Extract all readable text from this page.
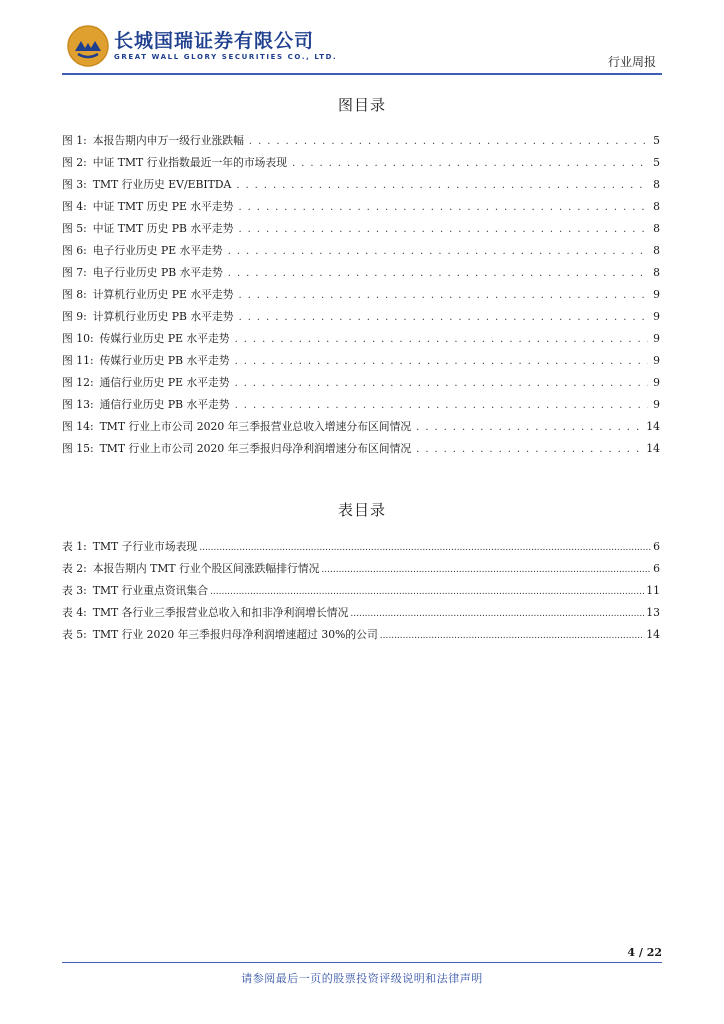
长城国瑞证券有限公司
GREAT WALL GLORY SECURITIES CO., LTD.	行业周报
图目录
图 1: 本报告期内申万一级行业涨跌幅 . . .	5
图 2: 中证 TMT 行业指数最近一年的市场表现 . . .	5
图 3: TMT 行业历史 EV/EBITDA . . .	8
图 4: 中证 TMT 历史 PE 水平走势 . . .	8
图 5: 中证 TMT 历史 PB 水平走势 . . .	8
图 6: 电子行业历史 PE 水平走势 . . .	8
图 7: 电子行业历史 PB 水平走势 . . .	8
图 8: 计算机行业历史 PE 水平走势 . . .	9
图 9: 计算机行业历史 PB 水平走势 . . .	9
图 10: 传媒行业历史 PE 水平走势 . . .	9
图 11: 传媒行业历史 PB 水平走势 . . .	9
图 12: 通信行业历史 PE 水平走势 . . .	9
图 13: 通信行业历史 PB 水平走势 . . .	9
图 14: TMT 行业上市公司 2020 年三季报营业总收入增速分布区间情况 . . .	14
图 15: TMT 行业上市公司 2020 年三季报归母净利润增速分布区间情况 . . .	14
表目录
表 1: TMT 子行业市场表现 .....	6
表 2: 本报告期内 TMT 行业个股区间涨跌幅排行情况 .....	6
表 3: TMT 行业重点资讯集合 .....	11
表 4: TMT 各行业三季报营业总收入和扣非净利润增长情况 .....	13
表 5: TMT 行业 2020 年三季报归母净利润增速超过 30%的公司 .....	14
4 / 22
请参阅最后一页的股票投资评级说明和法律声明
